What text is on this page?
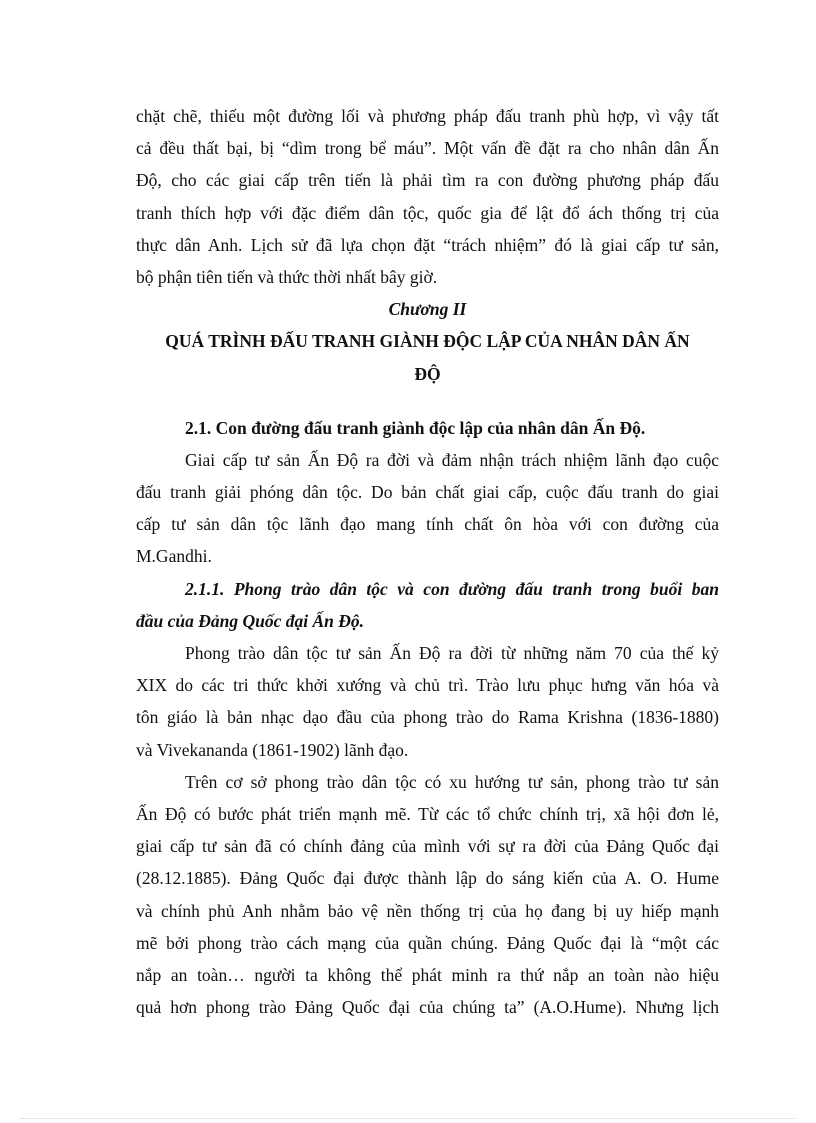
chặt chẽ, thiếu một đường lối và phương pháp đấu tranh phù hợp, vì vậy tất
cả đều thất bại, bị “dìm trong bể máu”. Một vấn đề đặt ra cho nhân dân Ấn
Độ, cho các giai cấp trên tiến là phải tìm ra con đường phương pháp đấu
tranh thích hợp với đặc điểm dân tộc, quốc gia để lật đổ ách thống trị của
thực dân Anh. Lịch sử đã lựa chọn đặt “trách nhiệm” đó là giai cấp tư sản,
bộ phận tiên tiến và thức thời nhất bây giờ.
Chương II
QUÁ TRÌNH ĐẤU TRANH GIÀNH ĐỘC LẬP CỦA NHÂN DÂN ẤN
ĐỘ
2.1. Con đường đấu tranh giành độc lập của nhân dân Ấn Độ.
Giai cấp tư sản Ấn Độ ra đời và đảm nhận trách nhiệm lãnh đạo cuộc
đấu tranh giải phóng dân tộc. Do bản chất giai cấp, cuộc đấu tranh do giai
cấp tư sản dân tộc lãnh đạo mang tính chất ôn hòa với con đường của
M.Gandhi.
2.1.1. Phong trào dân tộc và con đường đấu tranh trong buổi ban
đầu của Đảng Quốc đại Ấn Độ.
Phong trào dân tộc tư sản Ấn Độ ra đời từ những năm 70 của thế kỷ
XIX do các tri thức khởi xướng và chủ trì. Trào lưu phục hưng văn hóa và
tôn giáo là bản nhạc dạo đầu của phong trào do Rama Krishna (1836-1880)
và Vivekananda (1861-1902) lãnh đạo.
Trên cơ sở phong trào dân tộc có xu hướng tư sản, phong trào tư sản
Ấn Độ có bước phát triển mạnh mẽ. Từ các tổ chức chính trị, xã hội đơn lẻ,
giai cấp tư sản đã có chính đảng của mình với sự ra đời của Đảng Quốc đại
(28.12.1885). Đảng Quốc đại được thành lập do sáng kiến của A. O. Hume
và chính phủ Anh nhằm bảo vệ nền thống trị của họ đang bị uy hiếp mạnh
mẽ bởi phong trào cách mạng của quần chúng. Đảng Quốc đại là “một các
nắp an toàn… người ta không thể phát minh ra thứ nắp an toàn nào hiệu
quả hơn phong trào Đảng Quốc đại của chúng ta” (A.O.Hume). Nhưng lịch
